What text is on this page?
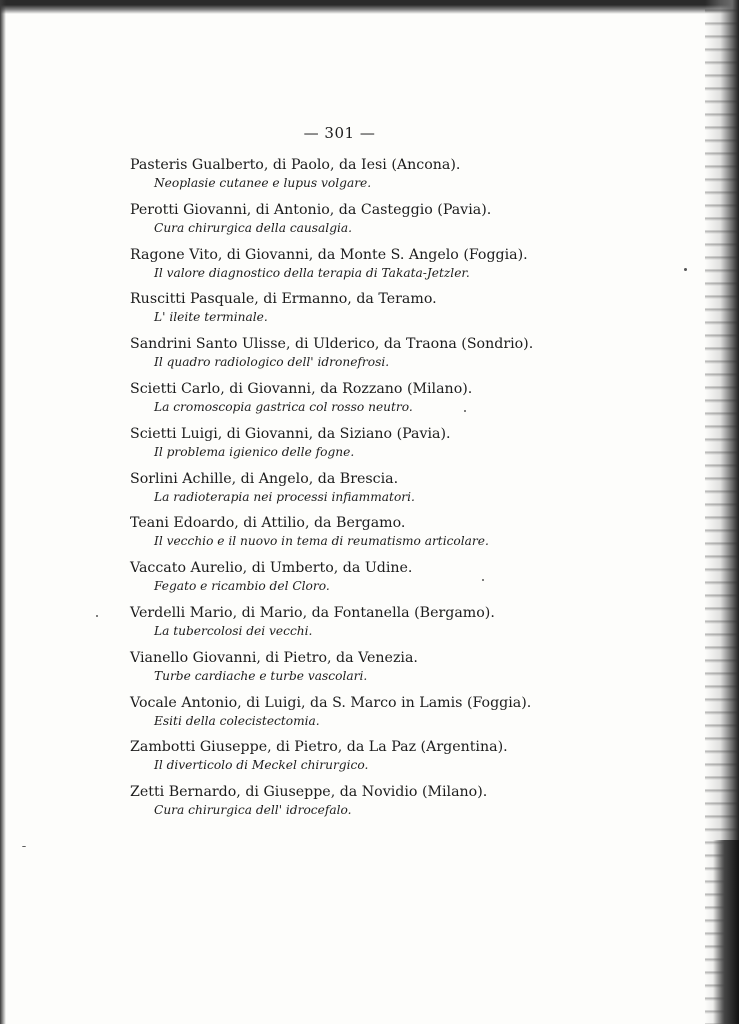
— 301 —
Pasteris Gualberto, di Paolo, da Iesi (Ancona).
Neoplasie cutanee e lupus volgare.
Perotti Giovanni, di Antonio, da Casteggio (Pavia).
Cura chirurgica della causalgia.
Ragone Vito, di Giovanni, da Monte S. Angelo (Foggia).
Il valore diagnostico della terapia di Takata-Jetzler.
Ruscitti Pasquale, di Ermanno, da Teramo.
L' ileite terminale.
Sandrini Santo Ulisse, di Ulderico, da Traona (Sondrio).
Il quadro radiologico dell' idronefrosi.
Scietti Carlo, di Giovanni, da Rozzano (Milano).
La cromoscopia gastrica col rosso neutro.
Scietti Luigi, di Giovanni, da Siziano (Pavia).
Il problema igienico delle fogne.
Sorlini Achille, di Angelo, da Brescia.
La radioterapia nei processi infiammatori.
Teani Edoardo, di Attilio, da Bergamo.
Il vecchio e il nuovo in tema di reumatismo articolare.
Vaccato Aurelio, di Umberto, da Udine.
Fegato e ricambio del Cloro.
Verdelli Mario, di Mario, da Fontanella (Bergamo).
La tubercolosi dei vecchi.
Vianello Giovanni, di Pietro, da Venezia.
Turbe cardiache e turbe vascolari.
Vocale Antonio, di Luigi, da S. Marco in Lamis (Foggia).
Esiti della colecistectomia.
Zambotti Giuseppe, di Pietro, da La Paz (Argentina).
Il diverticolo di Meckel chirurgico.
Zetti Bernardo, di Giuseppe, da Novidio (Milano).
Cura chirurgica dell' idrocefalo.
